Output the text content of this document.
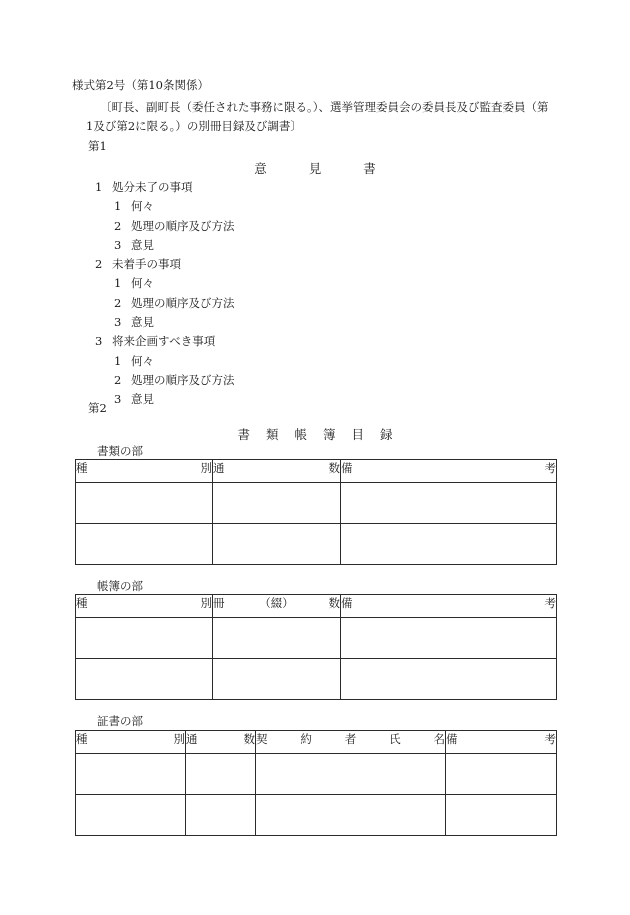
様式第2号（第10条関係）
〔町長、副町長（委任された事務に限る。）、選挙管理委員会の委員長及び監査委員（第
1及び第2に限る。）の別冊目録及び調書〕
第1
意	見	書
1 処分未了の事項
1 何々
2 処理の順序及び方法
3 意見
2 未着手の事項
1 何々
2 処理の順序及び方法
3 意見
3 将来企画すべき事項
1 何々
2 処理の順序及び方法
3 意見
第2
書 類 帳 簿 目 録
書類の部
種 別	通 数	備 考

帳簿の部
種 別	冊 （綴） 数	備 考

証書の部
種 別	通 数	契 約 者 氏 名	備 考
